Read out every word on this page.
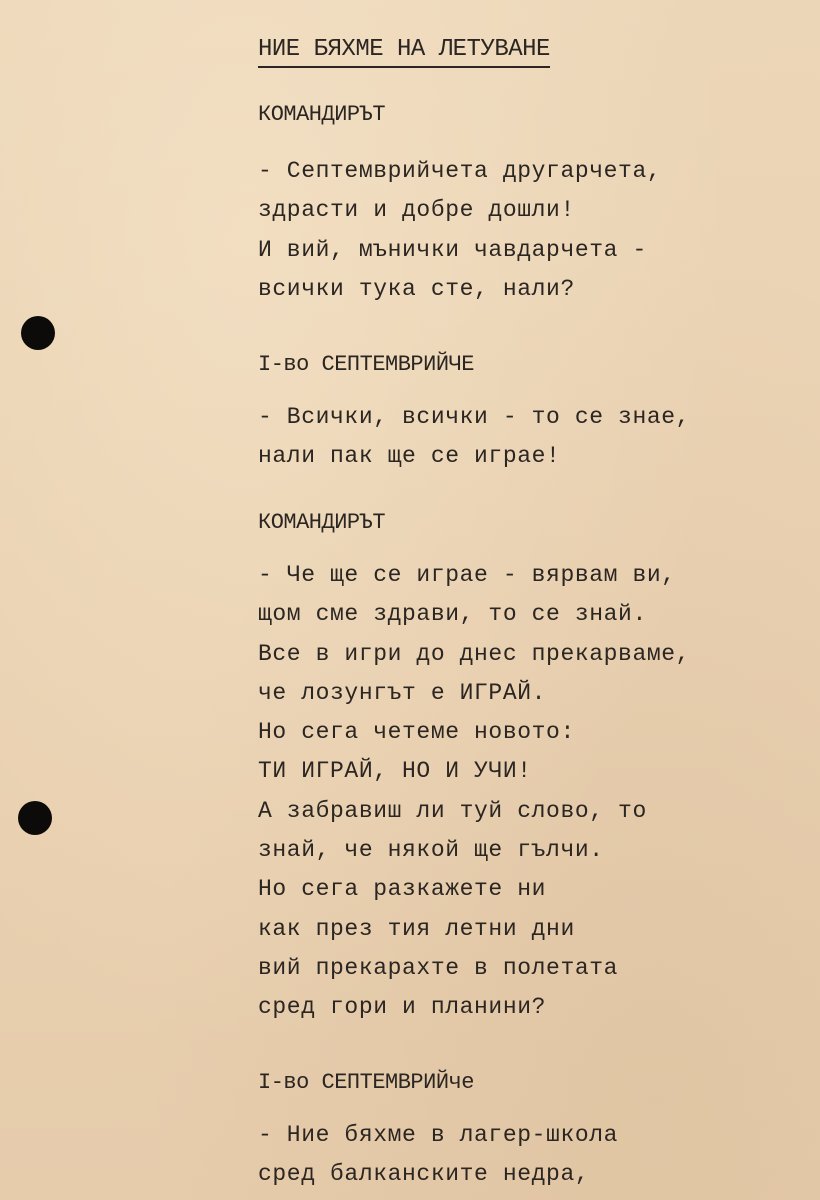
НИЕ БЯХМЕ НА ЛЕТУВАНЕ

КОМАНДИРЪТ

- Септемврийчета другарчета,
здрасти и добре дошли!
И вий, мънички чавдарчета -
всички тука сте, нали?

I-во СЕПТЕМВРИЙЧЕ

- Всички, всички - то се знае,
нали пак ще се играе!

КОМАНДИРЪТ

- Че ще се играе - вярвам ви,
щом сме здрави, то се знай.
Все в игри до днес прекарваме,
че лозунгът е ИГРАЙ.
Но сега четеме новото:
ТИ ИГРАЙ, НО И УЧИ!
А забравиш ли туй слово, то
знай, че някой ще гълчи.
Но сега разкажете ни
как през тия летни дни
вий прекарахте в полетата
сред гори и планини?

I-во СЕПТЕМВРИЙче

- Ние бяхме в лагер-школа
сред балканските недра,
